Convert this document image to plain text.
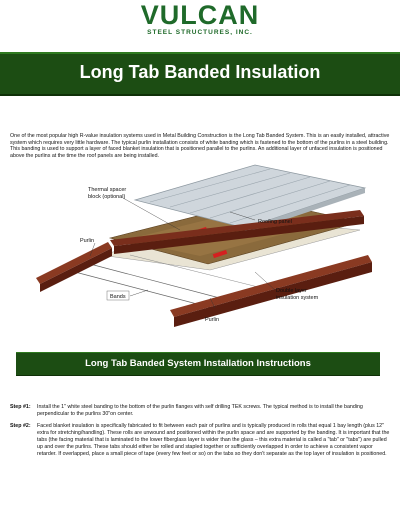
VULCAN
STEEL STRUCTURES, INC.
Long Tab Banded Insulation

One of the most popular high R-value insulation systems used in Metal Building Construction is the Long Tab Banded System. This is an easily installed, attractive system which requires very little hardware. The typical purlin installation consists of white banding which is fastened to the bottom of the purlins in a steel building. This banding is used to support a layer of faced blanket insulation that is positioned parallel to the purlins. An additional layer of unfaced insulation is positioned above the purlins at the time the roof panels are being installed.

Thermal spacer
block (optional)
Roofing panel
Purlin
Bands
Double layer
insulation system
Purlin
Long Tab Banded System Installation Instructions
Step #1: Install the 1" white steel banding to the bottom of the purlin flanges with self drilling TEK screws. The typical method is to install the banding perpendicular to the purlins 30"on center.
Step #2: Faced blanket insulation is specifically fabricated to fit between each pair of purlins and is typically produced in rolls that equal 1 bay length (plus 12" extra for stretching/handling). These rolls are unwound and positioned within the purlin space and are supported by the banding. It is important that the tabs (the facing material that is laminated to the lower fiberglass layer is wider than the glass – this extra material is called a "tab" or "tabs") are pulled up and over the purlins. These tabs should either be rolled and stapled together or sufficiently overlapped in order to achieve a consistent vapor retarder. If overlapped, place a small piece of tape (every few feet or so) on the tabs so they don't separate as the top layer of insulation is positioned.
